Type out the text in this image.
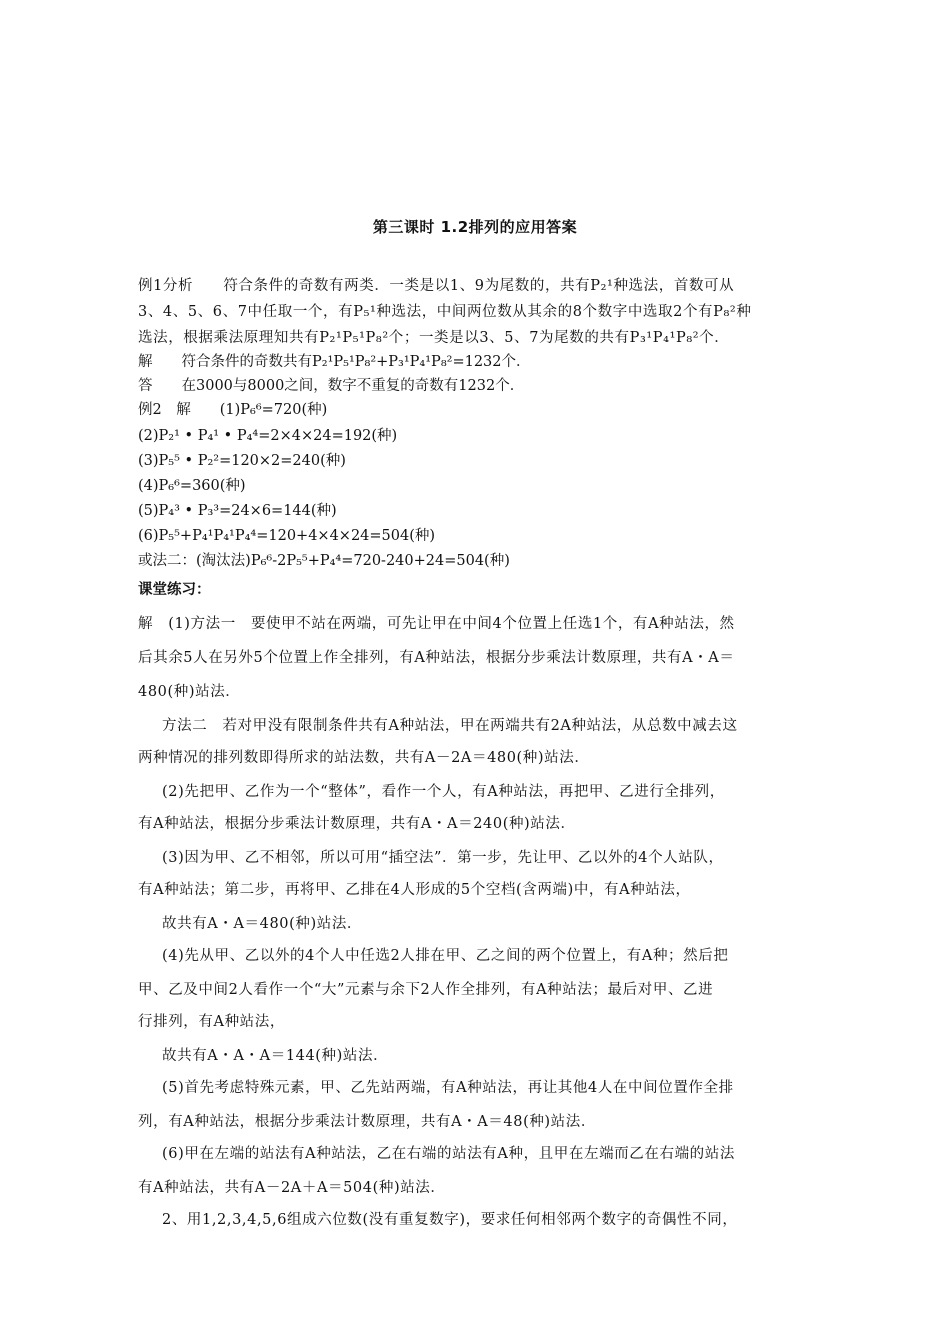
第三课时 1.2排列的应用答案
例1分析　　符合条件的奇数有两类．一类是以1、9为尾数的，共有P₂¹种选法，首数可从
3、4、5、6、7中任取一个，有P₅¹种选法，中间两位数从其余的8个数字中选取2个有P₈²种
选法，根据乘法原理知共有P₂¹P₅¹P₈²个；一类是以3、5、7为尾数的共有P₃¹P₄¹P₈²个．
解　　符合条件的奇数共有P₂¹P₅¹P₈²+P₃¹P₄¹P₈²=1232个．
答　　在3000与8000之间，数字不重复的奇数有1232个．
例2　解　　(1)P₆⁶=720(种)
(2)P₂¹ • P₄¹ • P₄⁴=2×4×24=192(种)
(3)P₅⁵ • P₂²=120×2=240(种)
(4)P₆⁶=360(种)
(5)P₄³ • P₃³=24×6=144(种)
(6)P₅⁵+P₄¹P₄¹P₄⁴=120+4×4×24=504(种)
或法二：(淘汰法)P₆⁶-2P₅⁵+P₄⁴=720-240+24=504(种)
课堂练习：
解　(1)方法一　要使甲不站在两端，可先让甲在中间4个位置上任选1个，有A种站法，然
后其余5人在另外5个位置上作全排列，有A种站法，根据分步乘法计数原理，共有A・A＝
480(种)站法．
方法二　若对甲没有限制条件共有A种站法，甲在两端共有2A种站法，从总数中减去这
两种情况的排列数即得所求的站法数，共有A－2A＝480(种)站法．
(2)先把甲、乙作为一个“整体”，看作一个人，有A种站法，再把甲、乙进行全排列，
有A种站法，根据分步乘法计数原理，共有A・A＝240(种)站法．
(3)因为甲、乙不相邻，所以可用“插空法”．第一步，先让甲、乙以外的4个人站队，
有A种站法；第二步，再将甲、乙排在4人形成的5个空档(含两端)中，有A种站法，
故共有A・A＝480(种)站法．
(4)先从甲、乙以外的4个人中任选2人排在甲、乙之间的两个位置上，有A种；然后把
甲、乙及中间2人看作一个“大”元素与余下2人作全排列，有A种站法；最后对甲、乙进
行排列，有A种站法，
故共有A・A・A＝144(种)站法．
(5)首先考虑特殊元素，甲、乙先站两端，有A种站法，再让其他4人在中间位置作全排
列，有A种站法，根据分步乘法计数原理，共有A・A＝48(种)站法．
(6)甲在左端的站法有A种站法，乙在右端的站法有A种，且甲在左端而乙在右端的站法
有A种站法，共有A－2A＋A＝504(种)站法．
2、用1,2,3,4,5,6组成六位数(没有重复数字)，要求任何相邻两个数字的奇偶性不同，
